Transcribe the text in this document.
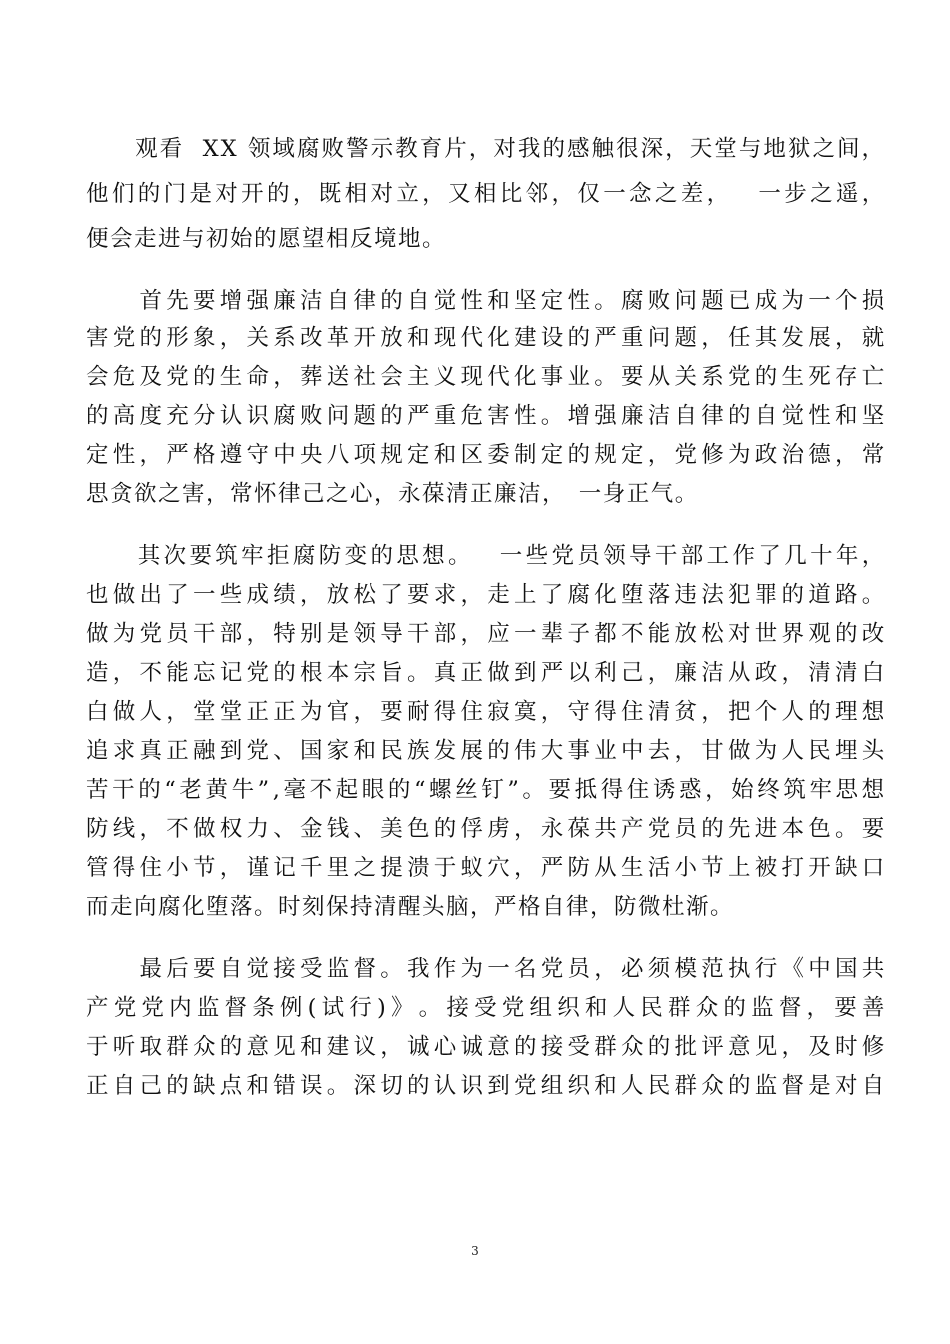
观 看

X X
领 域 腐 败 警 示 教 育 片 ， 对 我 的 感 触 很 深 ， 天 堂 与 地 狱 之 间 ，
他 们 的 门 是 对 开 的 ， 既 相 对 立 ， 又 相 比 邻 ， 仅 一 念 之 差 ，
　 一 步 之 遥 ，
便会走进与初始的愿望相反境地。

首 先 要 增 强 廉 洁 自 律 的 自 觉 性 和 坚 定 性 。 腐 败 问 题 已 成 为 一 个 损
害 党 的 形 象 ， 关 系 改 革 开 放 和 现 代 化 建 设 的 严 重 问 题 ， 任 其 发 展 ， 就
会 危 及 党 的 生 命 ， 葬 送 社 会 主 义 现 代 化 事 业 。 要 从 关 系 党 的 生 死 存 亡
的 高 度 充 分 认 识 腐 败 问 题 的 严 重 危 害 性 。 增 强 廉 洁 自 律 的 自 觉 性 和 坚
定 性 ， 严 格 遵 守 中 央 八 项 规 定 和 区 委 制 定 的 规 定 ， 党 修 为 政 治 德 ， 常
思贪欲之害，常怀律己之心，永葆清正廉洁，　一身正气。

其 次 要 筑 牢 拒 腐 防 变 的 思 想 。
　 一 些 党 员 领 导 干 部 工 作 了 几 十 年 ，
也 做 出 了 一 些 成 绩 ， 放 松 了 要 求 ， 走 上 了 腐 化 堕 落 违 法 犯 罪 的 道 路 。
做 为 党 员 干 部 ， 特 别 是 领 导 干 部 ， 应 一 辈 子 都 不 能 放 松 对 世 界 观 的 改
造 ， 不 能 忘 记 党 的 根 本 宗 旨 。 真 正 做 到 严 以 利 己 ， 廉 洁 从 政 ， 清 清 白
白 做 人 ， 堂 堂 正 正 为 官 ， 要 耐 得 住 寂 寞 ， 守 得 住 清 贫 ， 把 个 人 的 理 想
追 求 真 正 融 到 党 、 国 家 和 民 族 发 展 的 伟 大 事 业 中 去 ， 甘 做 为 人 民 埋 头
苦 干 的 “ 老 黄 牛 ” , 毫 不 起 眼 的 “ 螺 丝 钉 ” 。 要 抵 得 住 诱 惑 ， 始 终 筑 牢 思 想
防 线 ， 不 做 权 力 、 金 钱 、 美 色 的 俘 虏 ， 永 葆 共 产 党 员 的 先 进 本 色 。 要
管 得 住 小 节 ， 谨 记 千 里 之 提 溃 于 蚁 穴 ， 严 防 从 生 活 小 节 上 被 打 开 缺 口
而走向腐化堕落。时刻保持清醒头脑，严格自律，防微杜渐。

最 后 要 自 觉 接 受 监 督 。 我 作 为 一 名 党 员 ， 必 须 模 范 执 行 《 中 国 共
产 党 党 内 监 督 条 例 ( 试 行 ) 》 。 接 受 党 组 织 和 人 民 群 众 的 监 督 ， 要 善
于 听 取 群 众 的 意 见 和 建 议 ， 诚 心 诚 意 的 接 受 群 众 的 批 评 意 见 ， 及 时 修
正 自 己 的 缺 点 和 错 误 。 深 切 的 认 识 到 党 组 织 和 人 民 群 众 的 监 督 是 对 自
3
